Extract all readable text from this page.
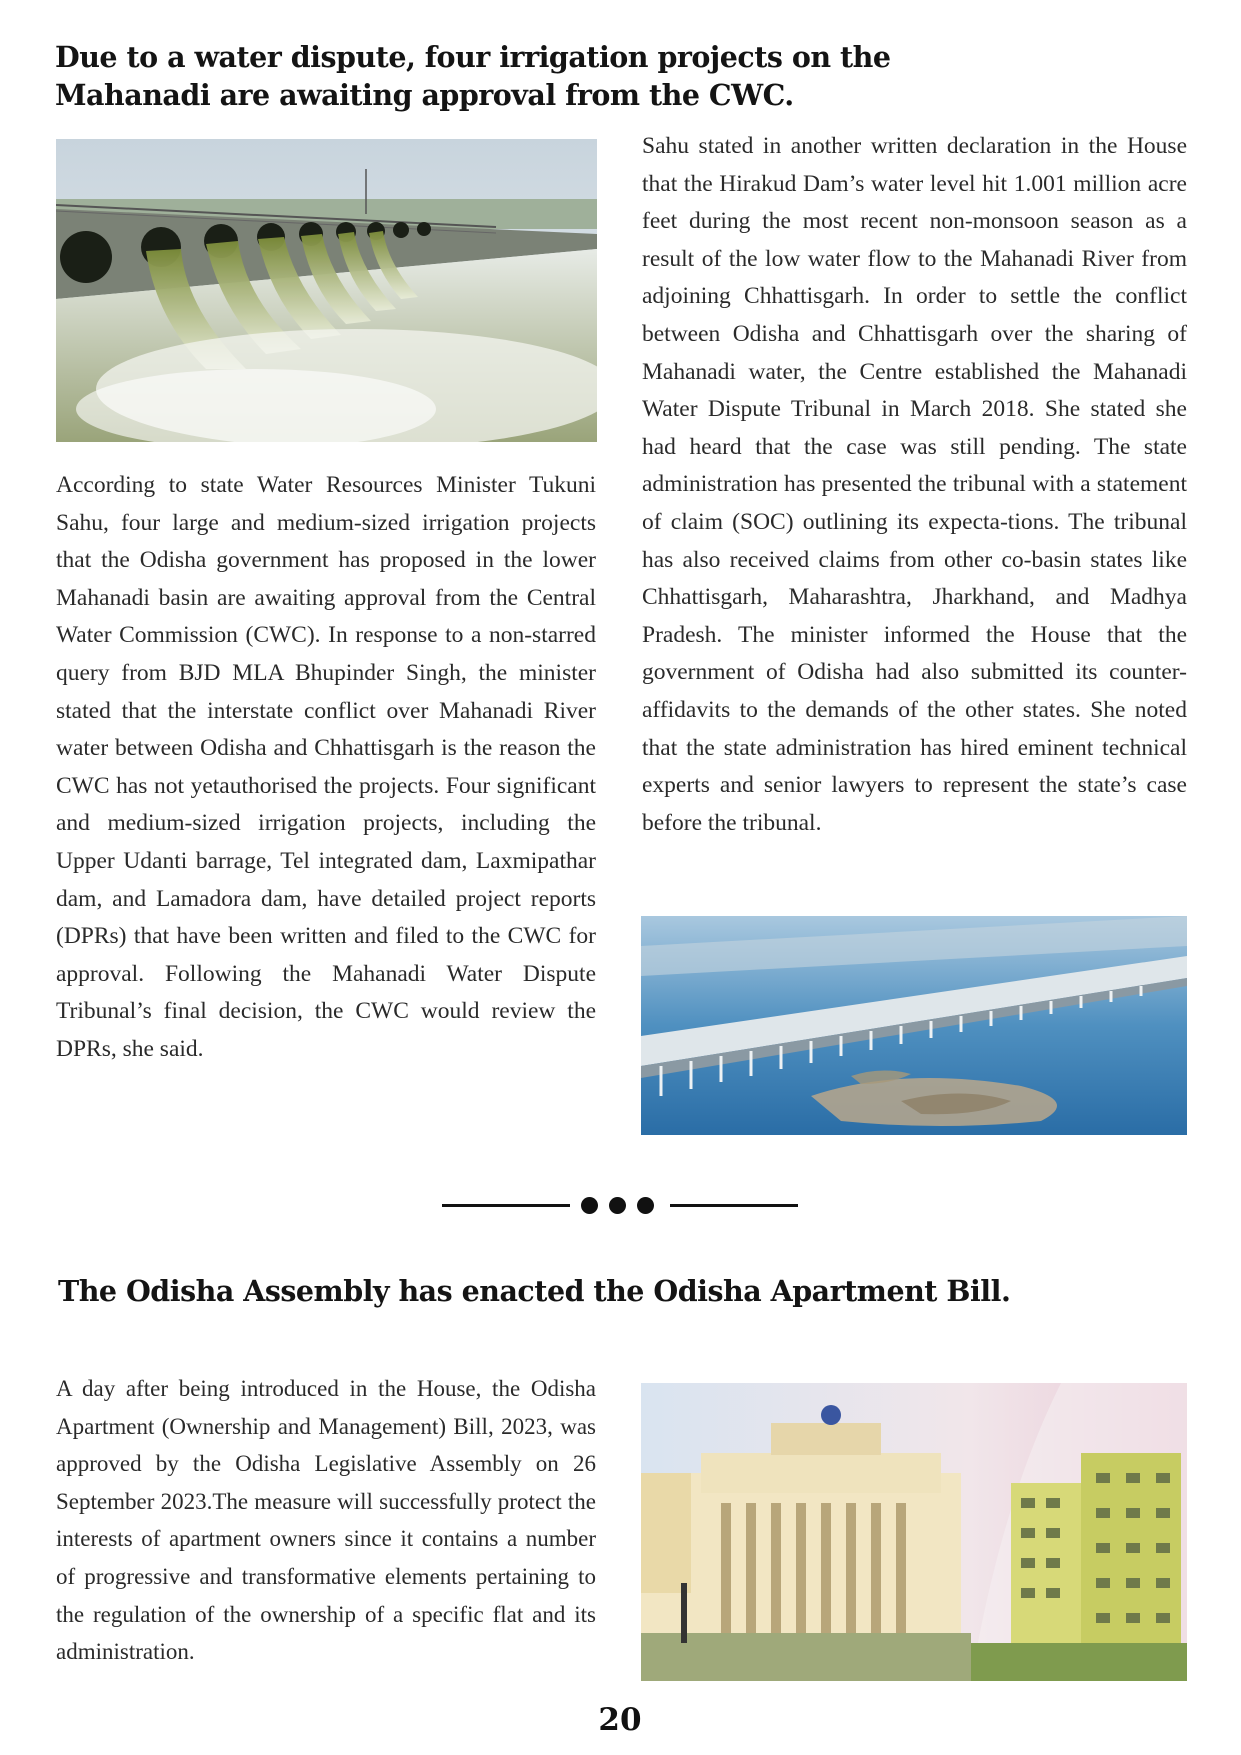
Due to a water dispute, four irrigation projects on the Mahanadi are awaiting approval from the CWC.

According to state Water Resources Minister Tukuni Sahu, four large and medium-sized irrigation projects that the Odisha government has proposed in the lower Mahanadi basin are awaiting approval from the Central Water Commission (CWC). In response to a non-starred query from BJD MLA Bhupinder Singh, the minister stated that the interstate conflict over Mahanadi River water between Odisha and Chhattisgarh is the reason the CWC has not yetauthorised the projects. Four significant and medium-sized irrigation projects, including the Upper Udanti barrage, Tel integrated dam, Laxmipathar dam, and Lamadora dam, have detailed project reports (DPRs) that have been written and filed to the CWC for approval. Following the Mahanadi Water Dispute Tribunal’s final decision, the CWC would review the DPRs, she said.

Sahu stated in another written declaration in the House that the Hirakud Dam’s water level hit 1.001 million acre feet during the most recent non-monsoon season as a result of the low water flow to the Mahanadi River from adjoining Chhattisgarh. In order to settle the conflict between Odisha and Chhattisgarh over the sharing of Mahanadi water, the Centre established the Mahanadi Water Dispute Tribunal in March 2018. She stated she had heard that the case was still pending. The state administration has presented the tribunal with a statement of claim (SOC) outlining its expecta-tions. The tribunal has also received claims from other co-basin states like Chhattisgarh, Maharashtra, Jharkhand, and Madhya Pradesh. The minister informed the House that the government of Odisha had also submitted its counter-affidavits to the demands of the other states. She noted that the state administration has hired eminent technical experts and senior lawyers to represent the state’s case before the tribunal.

The Odisha Assembly has enacted the Odisha Apartment Bill.

A day after being introduced in the House, the Odisha Apartment (Ownership and Management) Bill, 2023, was approved by the Odisha Legislative Assembly on 26 September 2023.The measure will successfully protect the interests of apartment owners since it contains a number of progressive and transformative elements pertaining to the regulation of the ownership of a specific flat and its administration.

20
